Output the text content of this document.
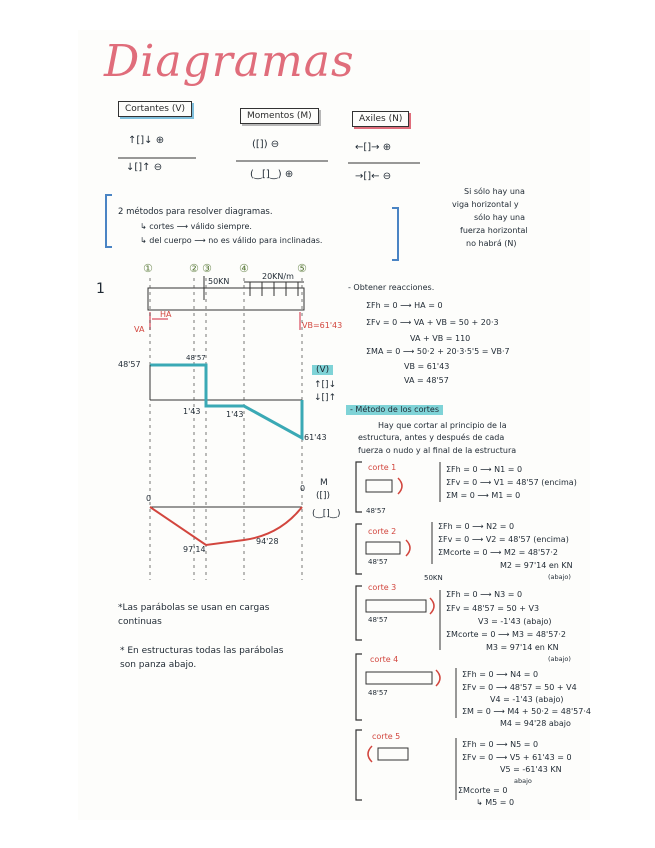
Diagramas
Cortantes (V)
Momentos (M)	Axiles (N)
↑[]↓ ⊕
↓[]↑ ⊖
([]) ⊖
(‿[]‿) ⊕
←[]→ ⊕
→[]← ⊖
Si sólo hay una
viga horizontal y
sólo hay una
fuerza horizontal
no habrá (N)
2 métodos para resolver diagramas.
↳ cortes ⟶ válido siempre.
↳ del cuerpo ⟶ no es válido para inclinadas.
1
①	② ③ ④	⑤
50KN
20KN/m
HA
VA	VB=61'43
48'57
48'57
1'43	1'43
61'43
(V)
↑[]↓
↓[]↑
0
0
97'14
94'28
M
([])
(‿[]‿)
*Las parábolas se usan en cargas
continuas
* En estructuras todas las parábolas
son panza abajo.
- Obtener reacciones.
ΣFh = 0 ⟶ HA = 0
ΣFv = 0 ⟶ VA + VB = 50 + 20·3
VA + VB = 110
ΣMA = 0 ⟶ 50·2 + 20·3·5'5 = VB·7
VB = 61'43
VA = 48'57
- Método de los cortes
Hay que cortar al principio de la
estructura, antes y después de cada
fuerza o nudo y al final de la estructura
corte 1	ΣFh = 0 ⟶ N1 = 0
ΣFv = 0 ⟶ V1 = 48'57 (encima)
ΣM = 0 ⟶ M1 = 0
48'57
corte 2
ΣFh = 0 ⟶ N2 = 0
ΣFv = 0 ⟶ V2 = 48'57 (encima)
ΣMcorte = 0 ⟶ M2 = 48'57·2
M2 = 97'14 en KN
(abajo)
48'57
corte 3
50KN
ΣFh = 0 ⟶ N3 = 0
ΣFv = 48'57 = 50 + V3
V3 = -1'43 (abajo)
ΣMcorte = 0 ⟶ M3 = 48'57·2
M3 = 97'14 en KN
(abajo)
48'57
corte 4
ΣFh = 0 ⟶ N4 = 0
ΣFv = 0 ⟶ 48'57 = 50 + V4
V4 = -1'43 (abajo)
ΣM = 0 ⟶ M4 + 50·2 = 48'57·4
M4 = 94'28 abajo
48'57
corte 5
ΣFh = 0 ⟶ N5 = 0
ΣFv = 0 ⟶ V5 + 61'43 = 0
V5 = -61'43 KN
abajo
ΣMcorte = 0
↳ M5 = 0
